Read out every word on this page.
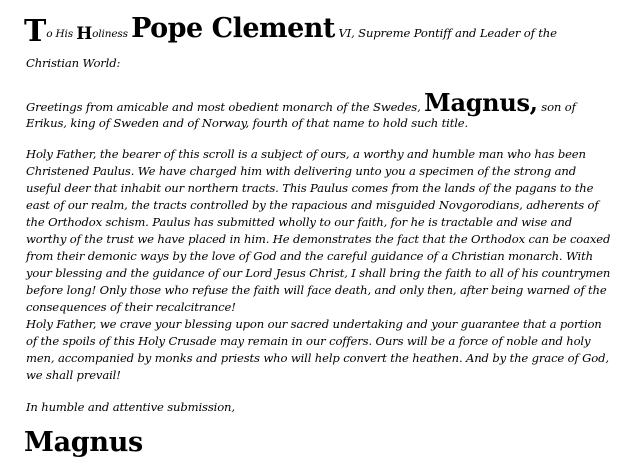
To His Holiness Pope Clement VI, Supreme Pontiff and Leader of the
Christian World:
Greetings from amicable and most obedient monarch of the Swedes, Magnus, son of
Erikus, king of Sweden and of Norway, fourth of that name to hold such title.
Holy Father, the bearer of this scroll is a subject of ours, a worthy and humble man who has been
Christened Paulus. We have charged him with delivering unto you a specimen of the strong and
useful deer that inhabit our northern tracts. This Paulus comes from the lands of the pagans to the
east of our realm, the tracts controlled by the rapacious and misguided Novgorodians, adherents of
the Orthodox schism. Paulus has submitted wholly to our faith, for he is tractable and wise and
worthy of the trust we have placed in him. He demonstrates the fact that the Orthodox can be coaxed
from their demonic ways by the love of God and the careful guidance of a Christian monarch. With
your blessing and the guidance of our Lord Jesus Christ, I shall bring the faith to all of his countrymen
before long! Only those who refuse the faith will face death, and only then, after being warned of the
consequences of their recalcitrance!
Holy Father, we crave your blessing upon our sacred undertaking and your guarantee that a portion
of the spoils of this Holy Crusade may remain in our coffers. Ours will be a force of noble and holy
men, accompanied by monks and priests who will help convert the heathen. And by the grace of God,
we shall prevail!
In humble and attentive submission,
Magnus
